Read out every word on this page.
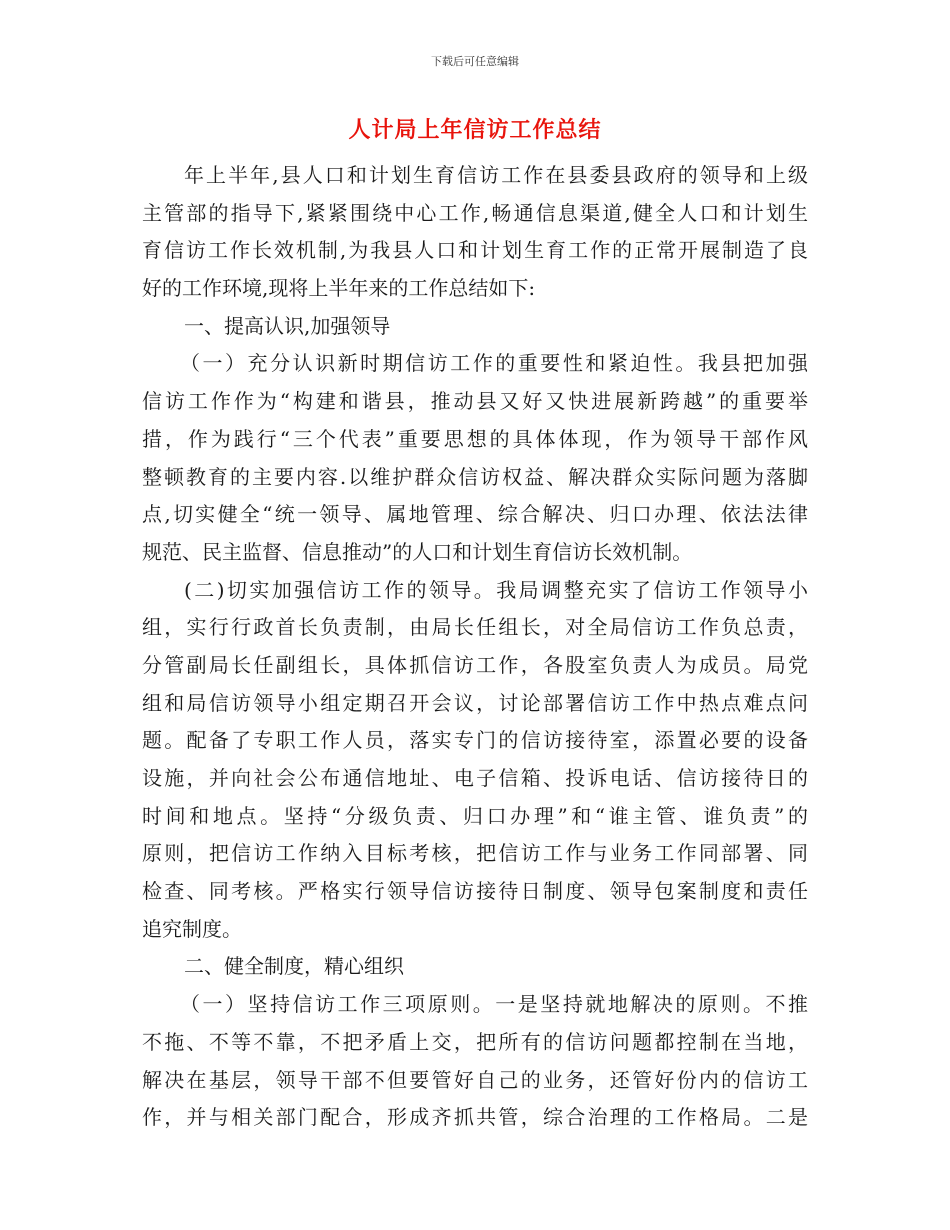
下载后可任意编辑
人计局上年信访工作总结
年上半年,县人口和计划生育信访工作在县委县政府的领导和上级
主管部的指导下,紧紧围绕中心工作,畅通信息渠道,健全人口和计划生
育信访工作长效机制,为我县人口和计划生育工作的正常开展制造了良
好的工作环境,现将上半年来的工作总结如下:
一、提高认识,加强领导
（一）充分认识新时期信访工作的重要性和紧迫性。我县把加强
信访工作作为“构建和谐县，推动县又好又快进展新跨越”的重要举
措，作为践行“三个代表”重要思想的具体体现，作为领导干部作风
整顿教育的主要内容.以维护群众信访权益、解决群众实际问题为落脚
点,切实健全“统一领导、属地管理、综合解决、归口办理、依法法律
规范、民主监督、信息推动”的人口和计划生育信访长效机制。
(二)切实加强信访工作的领导。我局调整充实了信访工作领导小
组，实行行政首长负责制，由局长任组长，对全局信访工作负总责，
分管副局长任副组长，具体抓信访工作，各股室负责人为成员。局党
组和局信访领导小组定期召开会议，讨论部署信访工作中热点难点问
题。配备了专职工作人员，落实专门的信访接待室，添置必要的设备
设施，并向社会公布通信地址、电子信箱、投诉电话、信访接待日的
时间和地点。坚持“分级负责、归口办理”和“谁主管、谁负责”的
原则，把信访工作纳入目标考核，把信访工作与业务工作同部署、同
检查、同考核。严格实行领导信访接待日制度、领导包案制度和责任
追究制度。
二、健全制度，精心组织
（一）坚持信访工作三项原则。一是坚持就地解决的原则。不推
不拖、不等不靠，不把矛盾上交，把所有的信访问题都控制在当地，
解决在基层，领导干部不但要管好自己的业务，还管好份内的信访工
作，并与相关部门配合，形成齐抓共管，综合治理的工作格局。二是
